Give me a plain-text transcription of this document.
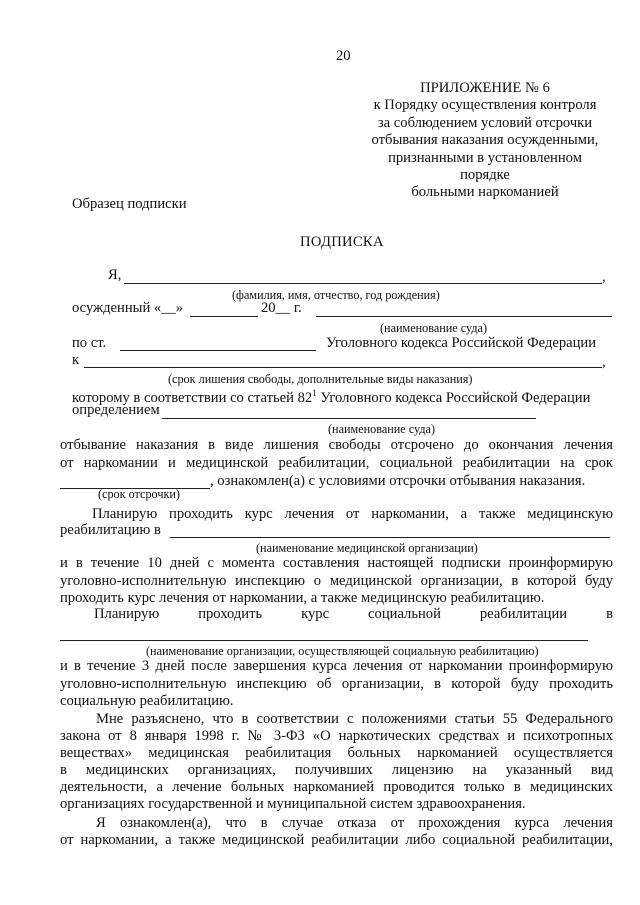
20
ПРИЛОЖЕНИЕ № 6
к Порядку осуществления контроля
за соблюдением условий отсрочки
отбывания наказания осужденными,
признанными в установленном порядке
больными наркоманией
Образец подписки
ПОДПИСКА
Я,	,
(фамилия, имя, отчество, год рождения)
осужденный «__»	20__ г.
(наименование суда)
по ст.	Уголовного кодекса Российской Федерации
к	,
(срок лишения свободы, дополнительные виды наказания)
которому в соответствии со статьей $82^1$ Уголовного кодекса Российской Федерации
определением
(наименование суда)
отбывание наказания в виде лишения свободы отсрочено до окончания лечения
от наркомании и медицинской реабилитации, социальной реабилитации на срок
, ознакомлен(а) с условиями отсрочки отбывания наказания.
(срок отсрочки)
Планирую проходить курс лечения от наркомании, а также медицинскую
реабилитацию в
(наименование медицинской организации)
и в течение 10 дней с момента составления настоящей подписки проинформирую
уголовно-исполнительную инспекцию о медицинской организации, в которой буду
проходить курс лечения от наркомании, а также медицинскую реабилитацию.
Планирую	проходить	курс	социальной	реабилитации	в
(наименование организации, осуществляющей социальную реабилитацию)
и в течение 3 дней после завершения курса лечения от наркомании проинформирую
уголовно-исполнительную инспекцию об организации, в которой буду проходить
социальную реабилитацию.
Мне разъяснено, что в соответствии с положениями статьи 55 Федерального
закона от 8 января 1998 г. № 3-ФЗ «О наркотических средствах и психотропных
веществах» медицинская реабилитация больных наркоманией осуществляется
в медицинских организациях, получивших лицензию на указанный вид
деятельности, а лечение больных наркоманией проводится только в медицинских
организациях государственной и муниципальной систем здравоохранения.
Я ознакомлен(а), что в случае отказа от прохождения курса лечения
от наркомании, а также медицинской реабилитации либо социальной реабилитации,
